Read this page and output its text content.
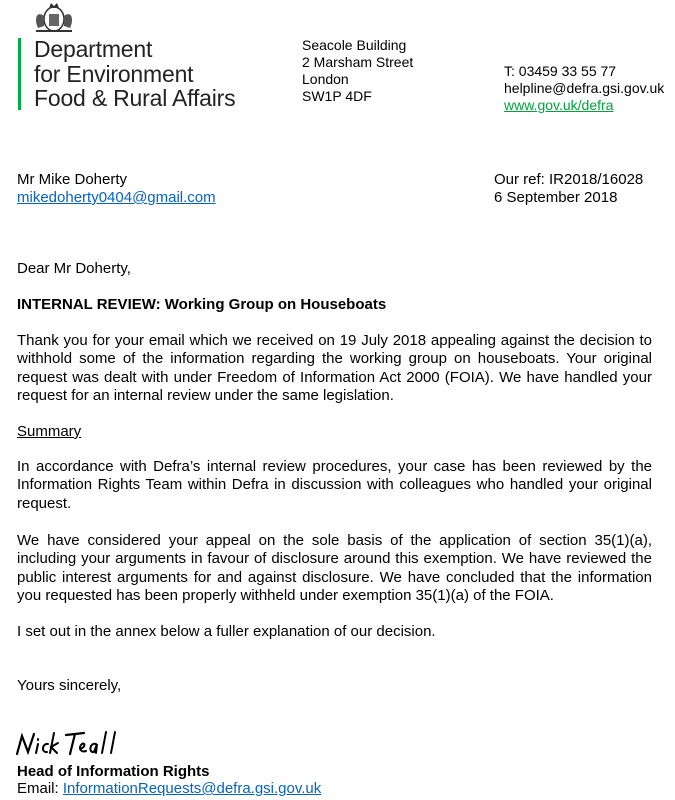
Department
for Environment
Food & Rural Affairs
Seacole Building
2 Marsham Street
London
SW1P 4DF
T: 03459 33 55 77
helpline@defra.gsi.gov.uk
www.gov.uk/defra
Mr Mike Doherty
mikedoherty0404@gmail.com
Our ref: IR2018/16028
6 September 2018
Dear Mr Doherty,
INTERNAL REVIEW: Working Group on Houseboats
Thank you for your email which we received on 19 July 2018 appealing against the decision to withhold some of the information regarding the working group on houseboats. Your original request was dealt with under Freedom of Information Act 2000 (FOIA). We have handled your request for an internal review under the same legislation.
Summary
In accordance with Defra’s internal review procedures, your case has been reviewed by the Information Rights Team within Defra in discussion with colleagues who handled your original request.
We have considered your appeal on the sole basis of the application of section 35(1)(a), including your arguments in favour of disclosure around this exemption. We have reviewed the public interest arguments for and against disclosure. We have concluded that the information you requested has been properly withheld under exemption 35(1)(a) of the FOIA.
I set out in the annex below a fuller explanation of our decision.
Yours sincerely,
Head of Information Rights
Email: InformationRequests@defra.gsi.gov.uk
